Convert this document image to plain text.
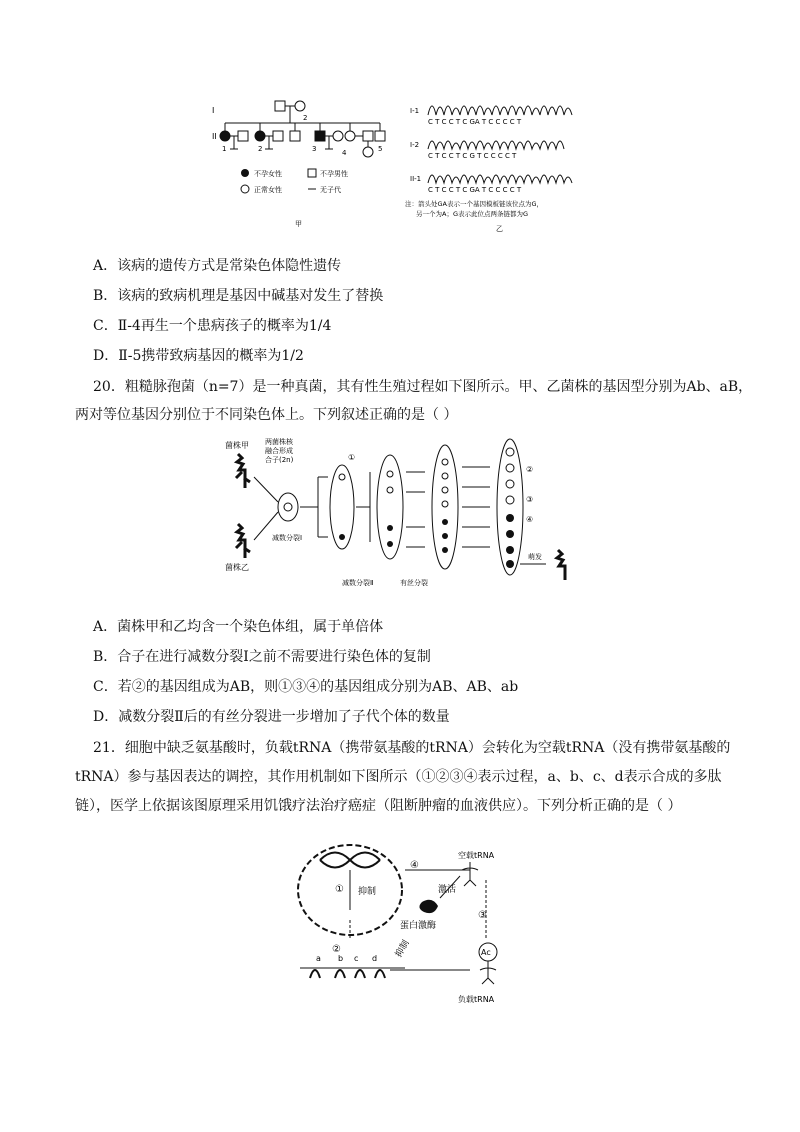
I
II
2
1	2	3	4	5
不孕女性	不孕男性
正常女性	无子代
甲
I-1
C T C C T C GA T C C C C T
I-2
C T C C T C G T C C C C T
II-1
C T C C T C GA T C C C C T
注：箭头处GA表示一个基因模板链该位点为G，
另一个为A；G表示此位点两条链都为G
乙
A．该病的遗传方式是常染色体隐性遗传
B．该病的致病机理是基因中碱基对发生了替换
C．Ⅱ-4再生一个患病孩子的概率为1/4
D．Ⅱ-5携带致病基因的概率为1/2
20．粗糙脉孢菌（n=7）是一种真菌，其有性生殖过程如下图所示。甲、乙菌株的基因型分别为Ab、aB，
两对等位基因分别位于不同染色体上。下列叙述正确的是（ ）
菌株甲
菌株乙
两菌株核
融合形成
合子(2n)
减数分裂Ⅰ
①
减数分裂Ⅱ	有丝分裂
②
③
④
萌发
A．菌株甲和乙均含一个染色体组，属于单倍体
B．合子在进行减数分裂Ⅰ之前不需要进行染色体的复制
C．若②的基因组成为AB，则①③④的基因组成分别为AB、AB、ab
D．减数分裂Ⅱ后的有丝分裂进一步增加了子代个体的数量
21．细胞中缺乏氨基酸时，负载tRNA（携带氨基酸的tRNA）会转化为空载tRNA（没有携带氨基酸的
tRNA）参与基因表达的调控，其作用机制如下图所示（①②③④表示过程，a、b、c、d表示合成的多肽
链），医学上依据该图原理采用饥饿疗法治疗癌症（阻断肿瘤的血液供应）。下列分析正确的是（ ）
① 抑制
②
a b c d 抑制
④
空载tRNA
激活
蛋白激酶
③
Ac
负载tRNA
